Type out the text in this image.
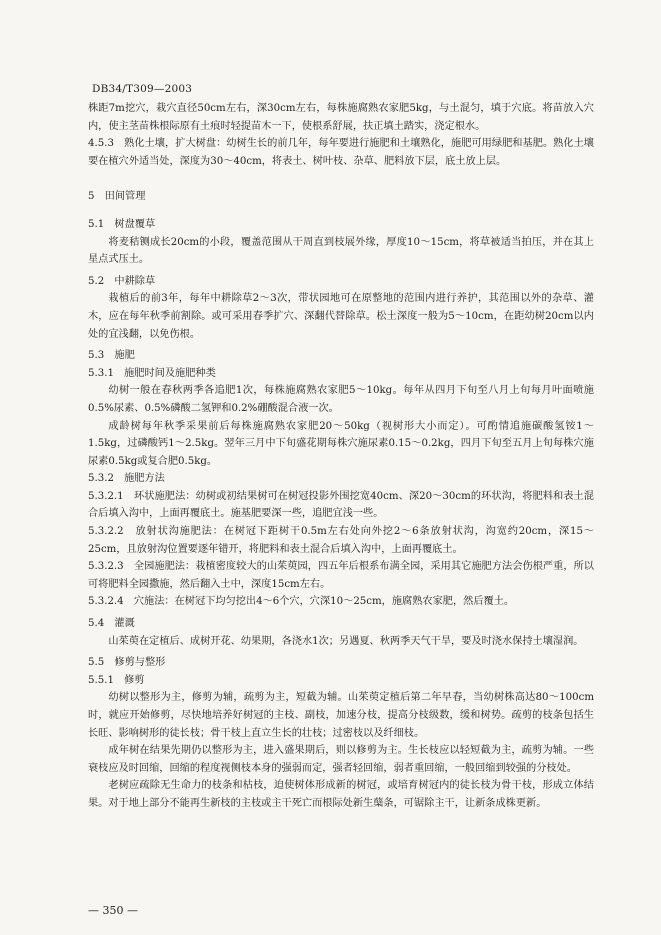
DB34/T309—2003

株距7m挖穴，栽穴直径50cm左右，深30cm左右，每株施腐熟农家肥5kg，与土混匀，填于穴底。将苗放入穴内，使主茎苗株根际原有土痕时轻提苗木一下，使根系舒展，扶正填土踏实，浇定根水。

4.5.3　熟化土壤，扩大树盘：幼树生长的前几年，每年要进行施肥和土壤熟化，施肥可用绿肥和基肥。熟化土壤要在植穴外适当处，深度为30～40cm，将表土、树叶枝、杂草、肥料放下层，底土放上层。

5　田间管理

5.1　树盘覆草

将麦秸铡成长20cm的小段，覆盖范围从干周直到枝展外缘，厚度10～15cm，将草被适当拍压，并在其上星点式压土。

5.2　中耕除草

栽植后的前3年，每年中耕除草2～3次，带状园地可在原整地的范围内进行养护，其范围以外的杂草、灌木，应在每年秋季前割除。或可采用春季扩穴、深翻代替除草。松土深度一般为5～10cm，在距幼树20cm以内处的宜浅翻，以免伤根。

5.3　施肥

5.3.1　施肥时间及施肥种类

幼树一般在春秋两季各追肥1次，每株施腐熟农家肥5～10kg。每年从四月下旬至八月上旬每月叶面喷施0.5%尿素、0.5%磷酸二氢钾和0.2%硼酸混合液一次。

成龄树每年秋季采果前后每株施腐熟农家肥20～50kg（视树形大小而定）。可酌情追施碳酸氢铵1～1.5kg，过磷酸钙1～2.5kg。翌年三月中下旬盛花期每株穴施尿素0.15～0.2kg，四月下旬至五月上旬每株穴施尿素0.5kg或复合肥0.5kg。

5.3.2　施肥方法

5.3.2.1　环状施肥法：幼树或初结果树可在树冠投影外围挖宽40cm、深20～30cm的环状沟，将肥料和表土混合后填入沟中，上面再覆底土。施基肥要深一些，追肥宜浅一些。

5.3.2.2　放射状沟施肥法：在树冠下距树干0.5m左右处向外挖2～6条放射状沟，沟宽约20cm，深15～25cm，且放射沟位置要逐年错开，将肥料和表土混合后填入沟中，上面再覆底土。

5.3.2.3　全园施肥法：栽植密度较大的山茱萸园，四五年后根系布满全园，采用其它施肥方法会伤根严重，所以可将肥料全园撒施，然后翻入土中，深度15cm左右。

5.3.2.4　穴施法：在树冠下均匀挖出4～6个穴，穴深10～25cm，施腐熟农家肥，然后覆土。

5.4　灌溉

山茱萸在定植后、成树开花、幼果期，各浇水1次；另遇夏、秋两季天气干旱，要及时浇水保持土壤湿润。

5.5　修剪与整形

5.5.1　修剪

幼树以整形为主，修剪为辅，疏剪为主，短截为辅。山茱萸定植后第二年早春，当幼树株高达80～100cm时，就应开始修剪，尽快地培养好树冠的主枝、副枝，加速分枝，提高分枝级数，缓和树势。疏剪的枝条包括生长旺、影响树形的徒长枝；骨干枝上直立生长的壮枝；过密枝以及纤细枝。

成年树在结果先期仍以整形为主，进入盛果期后，则以修剪为主。生长枝应以轻短截为主，疏剪为辅。一些衰枝应及时回缩，回缩的程度视侧枝本身的强弱而定，强者轻回缩，弱者重回缩，一般回缩到较强的分枝处。

老树应疏除无生命力的枝条和枯枝，迫使树体形成新的树冠，或培育树冠内的徒长枝为骨干枝，形成立体结果。对于地上部分不能再生新枝的主枝或主干死亡而根际处新生蘖条，可锯除主干，让新条成株更新。

— 350 —
